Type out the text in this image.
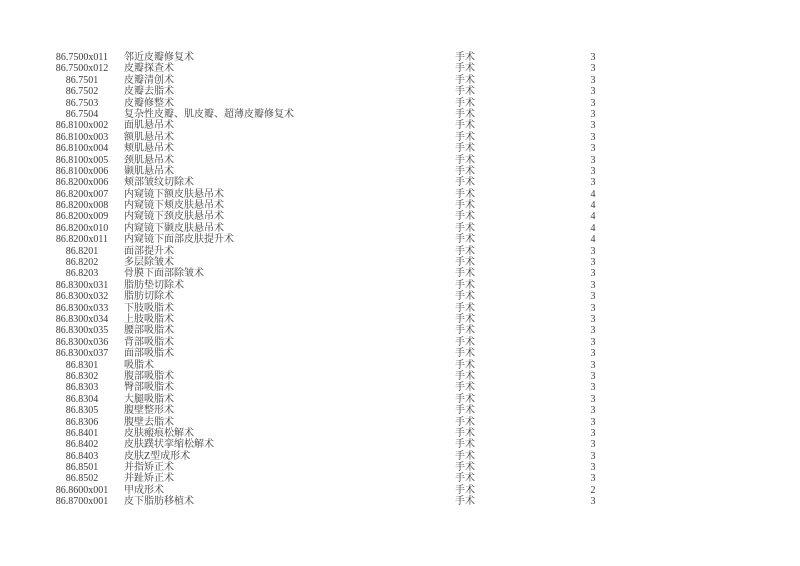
86.7500x011	邻近皮瓣修复术	手术	3
86.7500x012	皮瓣探查术	手术	3
86.7501	皮瓣清创术	手术	3
86.7502	皮瓣去脂术	手术	3
86.7503	皮瓣修整术	手术	3
86.7504	复杂性皮瓣、肌皮瓣、超薄皮瓣修复术	手术	3
86.8100x002	面肌悬吊术	手术	3
86.8100x003	额肌悬吊术	手术	3
86.8100x004	颊肌悬吊术	手术	3
86.8100x005	颈肌悬吊术	手术	3
86.8100x006	颞肌悬吊术	手术	3
86.8200x006	颊部皱纹切除术	手术	3
86.8200x007	内窥镜下额皮肤悬吊术	手术	4
86.8200x008	内窥镜下颊皮肤悬吊术	手术	4
86.8200x009	内窥镜下颈皮肤悬吊术	手术	4
86.8200x010	内窥镜下颞皮肤悬吊术	手术	4
86.8200x011	内窥镜下面部皮肤提升术	手术	4
86.8201	面部提升术	手术	3
86.8202	多层除皱术	手术	3
86.8203	骨膜下面部除皱术	手术	3
86.8300x031	脂肪垫切除术	手术	3
86.8300x032	脂肪切除术	手术	3
86.8300x033	下肢吸脂术	手术	3
86.8300x034	上肢吸脂术	手术	3
86.8300x035	腰部吸脂术	手术	3
86.8300x036	背部吸脂术	手术	3
86.8300x037	面部吸脂术	手术	3
86.8301	吸脂术	手术	3
86.8302	腹部吸脂术	手术	3
86.8303	臀部吸脂术	手术	3
86.8304	大腿吸脂术	手术	3
86.8305	腹壁整形术	手术	3
86.8306	腹壁去脂术	手术	3
86.8401	皮肤瘢痕松解术	手术	3
86.8402	皮肤蹼状挛缩松解术	手术	3
86.8403	皮肤Z型成形术	手术	3
86.8501	并指矫正术	手术	3
86.8502	并趾矫正术	手术	3
86.8600x001	甲成形术	手术	2
86.8700x001	皮下脂肪移植术	手术	3
